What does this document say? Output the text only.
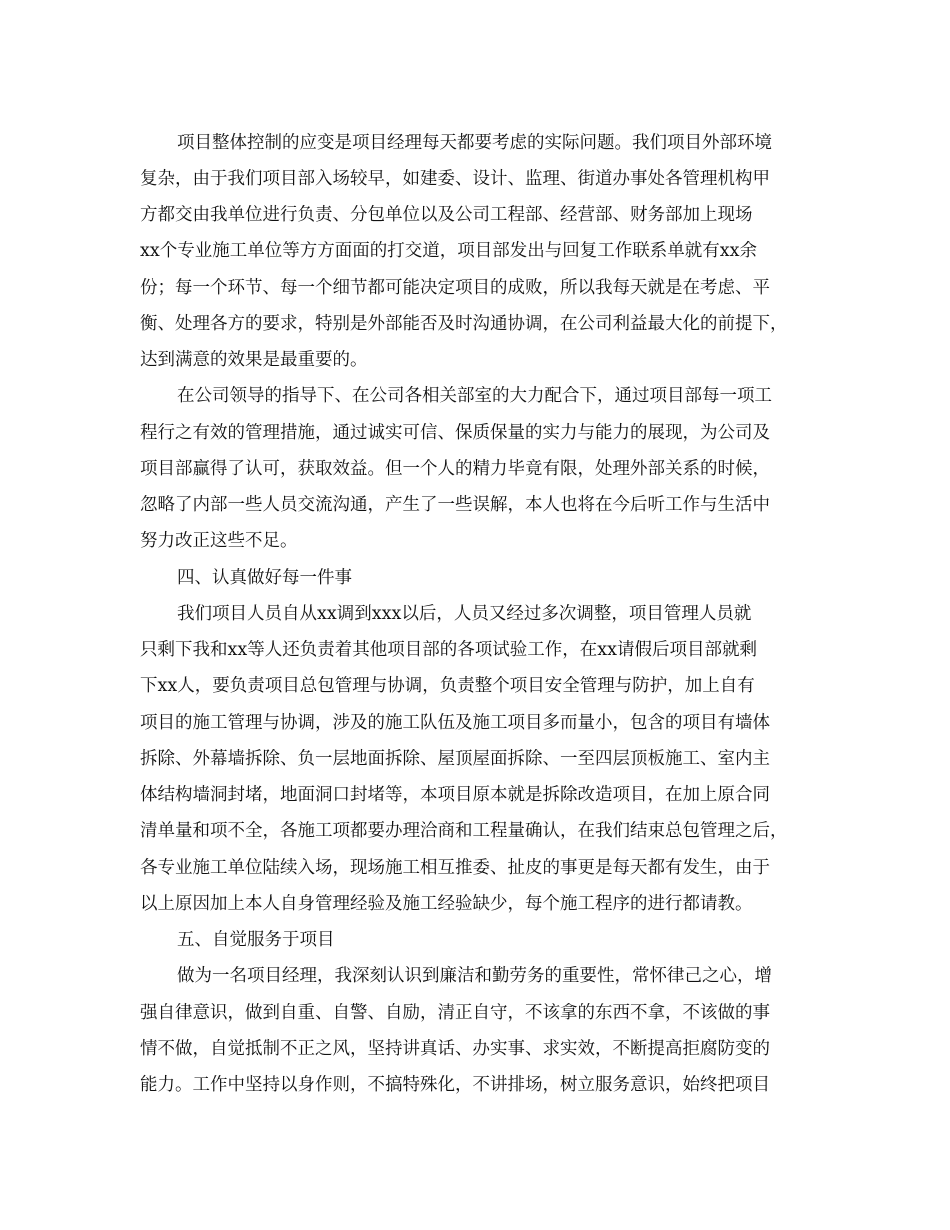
项目整体控制的应变是项目经理每天都要考虑的实际问题。我们项目外部环境
复杂，由于我们项目部入场较早，如建委、设计、监理、街道办事处各管理机构甲
方都交由我单位进行负责、分包单位以及公司工程部、经营部、财务部加上现场
xx个专业施工单位等方方面面的打交道，项目部发出与回复工作联系单就有xx余
份；每一个环节、每一个细节都可能决定项目的成败，所以我每天就是在考虑、平
衡、处理各方的要求，特别是外部能否及时沟通协调，在公司利益最大化的前提下，
达到满意的效果是最重要的。
在公司领导的指导下、在公司各相关部室的大力配合下，通过项目部每一项工
程行之有效的管理措施，通过诚实可信、保质保量的实力与能力的展现，为公司及
项目部赢得了认可，获取效益。但一个人的精力毕竟有限，处理外部关系的时候，
忽略了内部一些人员交流沟通，产生了一些误解，本人也将在今后听工作与生活中
努力改正这些不足。
四、认真做好每一件事
我们项目人员自从xx调到xxx以后，人员又经过多次调整，项目管理人员就
只剩下我和xx等人还负责着其他项目部的各项试验工作，在xx请假后项目部就剩
下xx人，要负责项目总包管理与协调，负责整个项目安全管理与防护，加上自有
项目的施工管理与协调，涉及的施工队伍及施工项目多而量小，包含的项目有墙体
拆除、外幕墙拆除、负一层地面拆除、屋顶屋面拆除、一至四层顶板施工、室内主
体结构墙洞封堵，地面洞口封堵等，本项目原本就是拆除改造项目，在加上原合同
清单量和项不全，各施工项都要办理洽商和工程量确认，在我们结束总包管理之后，
各专业施工单位陆续入场，现场施工相互推委、扯皮的事更是每天都有发生，由于
以上原因加上本人自身管理经验及施工经验缺少，每个施工程序的进行都请教。
五、自觉服务于项目
做为一名项目经理，我深刻认识到廉洁和勤劳务的重要性，常怀律己之心，增
强自律意识，做到自重、自警、自励，清正自守，不该拿的东西不拿，不该做的事
情不做，自觉抵制不正之风，坚持讲真话、办实事、求实效，不断提高拒腐防变的
能力。工作中坚持以身作则，不搞特殊化，不讲排场，树立服务意识，始终把项目
